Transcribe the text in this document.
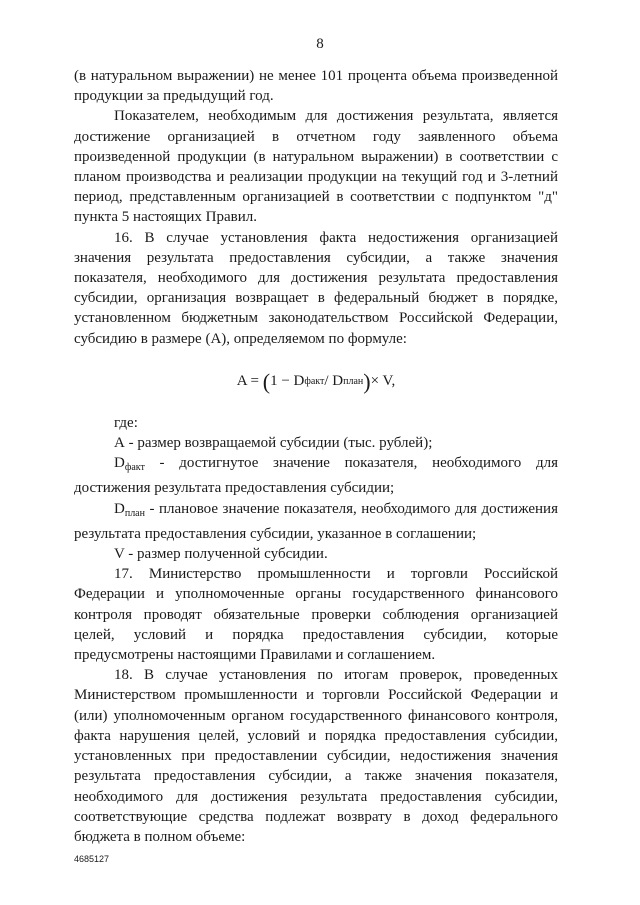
8

(в натуральном выражении) не менее 101 процента объема произведенной продукции за предыдущий год.

Показателем, необходимым для достижения результата, является достижение организацией в отчетном году заявленного объема произведенной продукции (в натуральном выражении) в соответствии с планом производства и реализации продукции на текущий год и 3-летний период, представленным организацией в соответствии с подпунктом "д" пункта 5 настоящих Правил.

16. В случае установления факта недостижения организацией значения результата предоставления субсидии, а также значения показателя, необходимого для достижения результата предоставления субсидии, организация возвращает в федеральный бюджет в порядке, установленном бюджетным законодательством Российской Федерации, субсидию в размере (А), определяемом по формуле:

A =
( 1 − D факт / D план ) × V,

где:

А - размер возвращаемой субсидии (тыс. рублей);

$D_{факт}$ - достигнутое значение показателя, необходимого для достижения результата предоставления субсидии;

$D_{план}$ - плановое значение показателя, необходимого для достижения результата предоставления субсидии, указанное в соглашении;

V - размер полученной субсидии.

17. Министерство промышленности и торговли Российской Федерации и уполномоченные органы государственного финансового контроля проводят обязательные проверки соблюдения организацией целей, условий и порядка предоставления субсидии, которые предусмотрены настоящими Правилами и соглашением.

18. В случае установления по итогам проверок, проведенных Министерством промышленности и торговли Российской Федерации и (или) уполномоченным органом государственного финансового контроля, факта нарушения целей, условий и порядка предоставления субсидии, установленных при предоставлении субсидии, недостижения значения результата предоставления субсидии, а также значения показателя, необходимого для достижения результата предоставления субсидии, соответствующие средства подлежат возврату в доход федерального бюджета в полном объеме:

4685127
